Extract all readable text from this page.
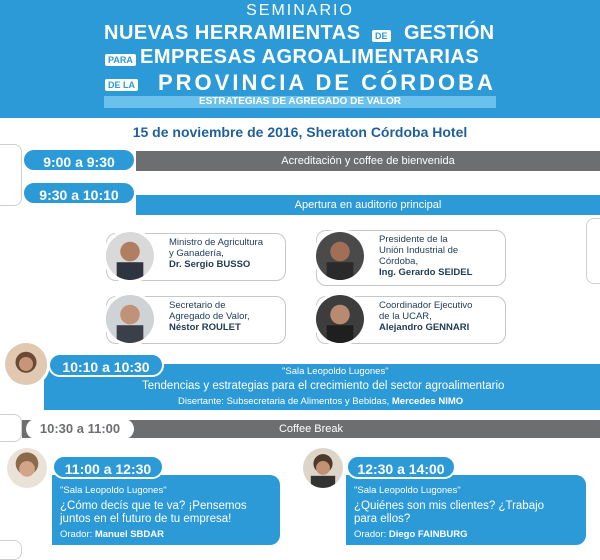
SEMINARIO
NUEVAS HERRAMIENTAS	DE GESTIÓN
PARA EMPRESAS AGROALIMENTARIAS
DE LA PROVINCIA DE CÓRDOBA
ESTRATEGIAS DE AGREGADO DE VALOR
15 de noviembre de 2016, Sheraton Córdoba Hotel
Acreditación y coffee de bienvenida
9:00 a 9:30
Apertura en auditorio principal
9:30 a 10:10
Ministro de Agricultura
y Ganadería,
Dr. Sergio BUSSO
Presidente de la
Unión Industrial de
Córdoba,
Ing. Gerardo SEIDEL
Secretario de
Agregado de Valor,
Néstor ROULET
Coordinador Ejecutivo
de la UCAR,
Alejandro GENNARI
"Sala Leopoldo Lugones"
Tendencias y estrategias para el crecimiento del sector agroalimentario
Disertante: Subsecretaria de Alimentos y Bebidas, Mercedes NIMO
10:10 a 10:30
Coffee Break
10:30 a 11:00
"Sala Leopoldo Lugones"
¿Cómo decís que te va? ¡Pensemos
juntos en el futuro de tu empresa!
Orador: Manuel SBDAR
11:00 a 12:30
"Sala Leopoldo Lugones"
¿Quiénes son mis clientes? ¿Trabajo
para ellos?
Orador: Diego FAINBURG
12:30 a 14:00
